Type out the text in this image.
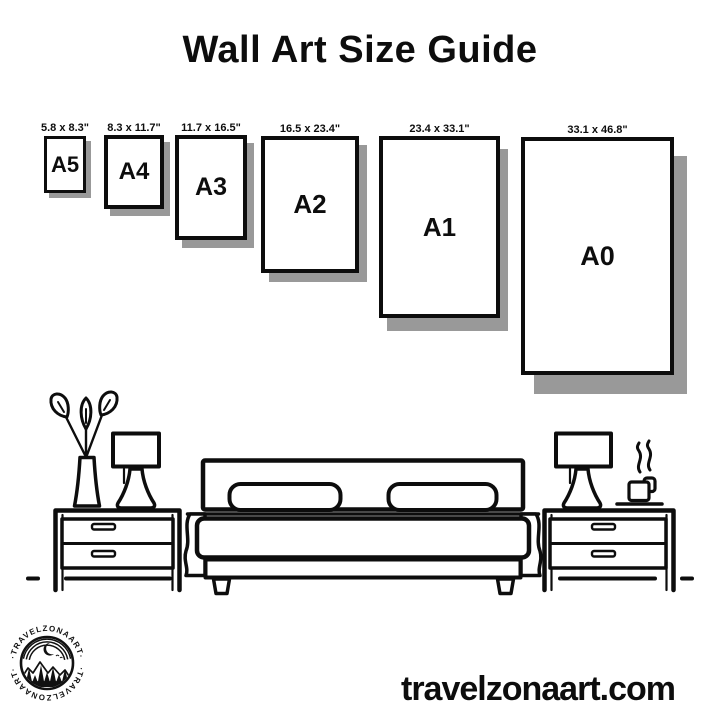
Wall Art Size Guide
5.8 x 8.3"
A5
8.3 x 11.7"
A4
11.7 x 16.5"
A3
16.5 x 23.4"
A2
23.4 x 33.1"
A1
33.1 x 46.8"
A0
·TRAVELZONAART·
·TRAVELZONAART·
travelzonaart.com
